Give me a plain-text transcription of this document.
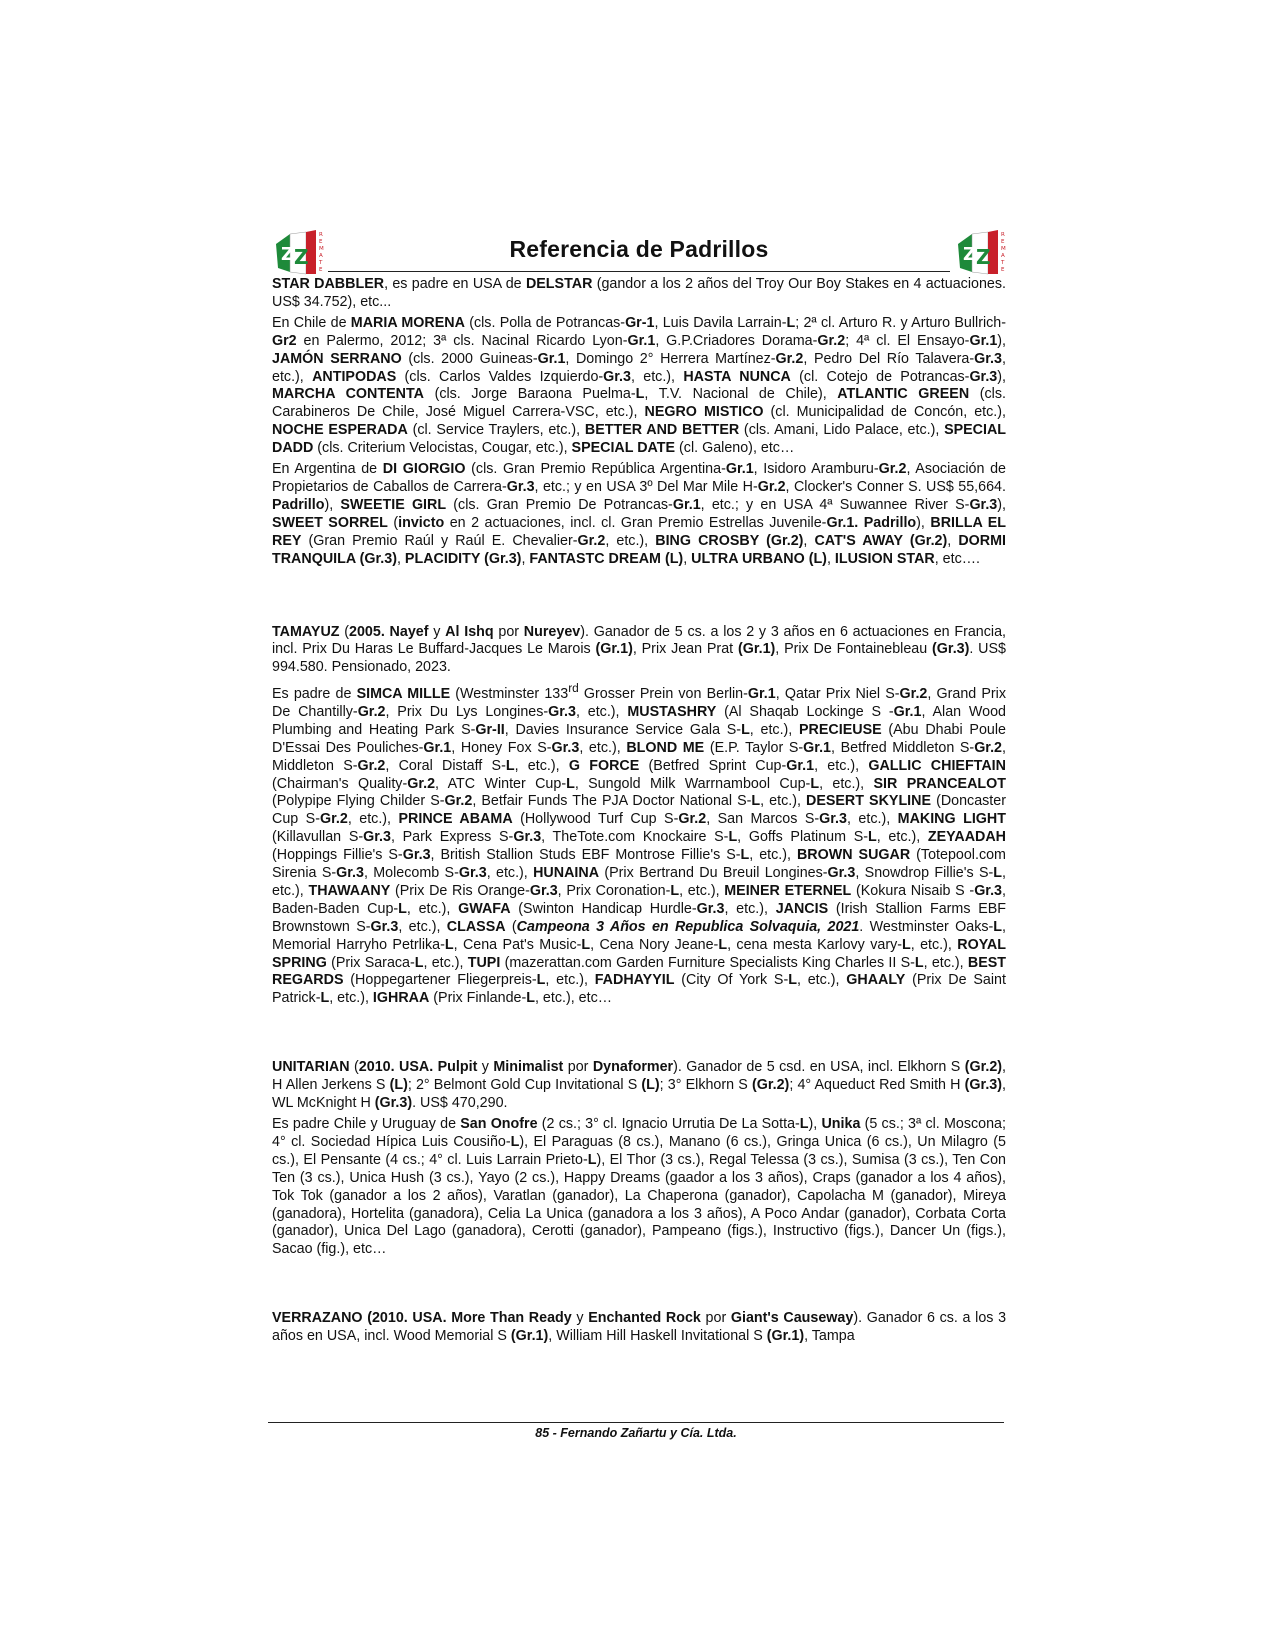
Z Z
R
E
M
A
T
E
Referencia de Padrillos	Z Z
R
E
M
A
T
E

STAR DABBLER, es padre en USA de DELSTAR (gandor a los 2 años del Troy Our Boy Stakes en 4 actuaciones. US$ 34.752), etc...

En Chile de MARIA MORENA (cls. Polla de Potrancas-Gr-1, Luis Davila Larrain-L; 2ª cl. Arturo R. y Arturo Bullrich-Gr2 en Palermo, 2012; 3ª cls. Nacinal Ricardo Lyon-Gr.1, G.P.Criadores Dorama-Gr.2; 4ª cl. El Ensayo-Gr.1), JAMÓN SERRANO (cls. 2000 Guineas-Gr.1, Domingo 2° Herrera Martínez-Gr.2, Pedro Del Río Talavera-Gr.3, etc.), ANTIPODAS (cls. Carlos Valdes Izquierdo-Gr.3, etc.), HASTA NUNCA (cl. Cotejo de Potrancas-Gr.3), MARCHA CONTENTA (cls. Jorge Baraona Puelma-L, T.V. Nacional de Chile), ATLANTIC GREEN (cls. Carabineros De Chile, José Miguel Carrera-VSC, etc.), NEGRO MISTICO (cl. Municipalidad de Concón, etc.), NOCHE ESPERADA (cl. Service Traylers, etc.), BETTER AND BETTER (cls. Amani, Lido Palace, etc.), SPECIAL DADD (cls. Criterium Velocistas, Cougar, etc.), SPECIAL DATE (cl. Galeno), etc…

En Argentina de DI GIORGIO (cls. Gran Premio República Argentina-Gr.1, Isidoro Aramburu-Gr.2, Asociación de Propietarios de Caballos de Carrera-Gr.3, etc.; y en USA 3º Del Mar Mile H-Gr.2, Clocker's Conner S. US$ 55,664. Padrillo), SWEETIE GIRL (cls. Gran Premio De Potrancas-Gr.1, etc.; y en USA 4ª Suwannee River S-Gr.3), SWEET SORREL (invicto en 2 actuaciones, incl. cl. Gran Premio Estrellas Juvenile-Gr.1. Padrillo), BRILLA EL REY (Gran Premio Raúl y Raúl E. Chevalier-Gr.2, etc.), BING CROSBY (Gr.2), CAT'S AWAY (Gr.2), DORMI TRANQUILA (Gr.3), PLACIDITY (Gr.3), FANTASTC DREAM (L), ULTRA URBANO (L), ILUSION STAR, etc….

TAMAYUZ (2005. Nayef y Al Ishq por Nureyev). Ganador de 5 cs. a los 2 y 3 años en 6 actuaciones en Francia, incl. Prix Du Haras Le Buffard-Jacques Le Marois (Gr.1), Prix Jean Prat (Gr.1), Prix De Fontainebleau (Gr.3). US$ 994.580. Pensionado, 2023.

Es padre de SIMCA MILLE (Westminster 133rd Grosser Prein von Berlin-Gr.1, Qatar Prix Niel S-Gr.2, Grand Prix De Chantilly-Gr.2, Prix Du Lys Longines-Gr.3, etc.), MUSTASHRY (Al Shaqab Lockinge S -Gr.1, Alan Wood Plumbing and Heating Park S-Gr-II, Davies Insurance Service Gala S-L, etc.), PRECIEUSE (Abu Dhabi Poule D'Essai Des Pouliches-Gr.1, Honey Fox S-Gr.3, etc.), BLOND ME (E.P. Taylor S-Gr.1, Betfred Middleton S-Gr.2, Middleton S-Gr.2, Coral Distaff S-L, etc.), G FORCE (Betfred Sprint Cup-Gr.1, etc.), GALLIC CHIEFTAIN (Chairman's Quality-Gr.2, ATC Winter Cup-L, Sungold Milk Warrnambool Cup-L, etc.), SIR PRANCEALOT (Polypipe Flying Childer S-Gr.2, Betfair Funds The PJA Doctor National S-L, etc.), DESERT SKYLINE (Doncaster Cup S-Gr.2, etc.), PRINCE ABAMA (Hollywood Turf Cup S-Gr.2, San Marcos S-Gr.3, etc.), MAKING LIGHT (Killavullan S-Gr.3, Park Express S-Gr.3, TheTote.com Knockaire S-L, Goffs Platinum S-L, etc.), ZEYAADAH (Hoppings Fillie's S-Gr.3, British Stallion Studs EBF Montrose Fillie's S-L, etc.), BROWN SUGAR (Totepool.com Sirenia S-Gr.3, Molecomb S-Gr.3, etc.), HUNAINA (Prix Bertrand Du Breuil Longines-Gr.3, Snowdrop Fillie's S-L, etc.), THAWAANY (Prix De Ris Orange-Gr.3, Prix Coronation-L, etc.), MEINER ETERNEL (Kokura Nisaib S -Gr.3, Baden-Baden Cup-L, etc.), GWAFA (Swinton Handicap Hurdle-Gr.3, etc.), JANCIS (Irish Stallion Farms EBF Brownstown S-Gr.3, etc.), CLASSA (Campeona 3 Años en Republica Solvaquia, 2021. Westminster Oaks-L, Memorial Harryho Petrlika-L, Cena Pat's Music-L, Cena Nory Jeane-L, cena mesta Karlovy vary-L, etc.), ROYAL SPRING (Prix Saraca-L, etc.), TUPI (mazerattan.com Garden Furniture Specialists King Charles II S-L, etc.), BEST REGARDS (Hoppegartener Fliegerpreis-L, etc.), FADHAYYIL (City Of York S-L, etc.), GHAALY (Prix De Saint Patrick-L, etc.), IGHRAA (Prix Finlande-L, etc.), etc…

UNITARIAN (2010. USA. Pulpit y Minimalist por Dynaformer). Ganador de 5 csd. en USA, incl. Elkhorn S (Gr.2), H Allen Jerkens S (L); 2° Belmont Gold Cup Invitational S (L); 3° Elkhorn S (Gr.2); 4° Aqueduct Red Smith H (Gr.3), WL McKnight H (Gr.3). US$ 470,290.

Es padre Chile y Uruguay de San Onofre (2 cs.; 3° cl. Ignacio Urrutia De La Sotta-L), Unika (5 cs.; 3ª cl. Moscona; 4° cl. Sociedad Hípica Luis Cousiño-L), El Paraguas (8 cs.), Manano (6 cs.), Gringa Unica (6 cs.), Un Milagro (5 cs.), El Pensante (4 cs.; 4° cl. Luis Larrain Prieto-L), El Thor (3 cs.), Regal Telessa (3 cs.), Sumisa (3 cs.), Ten Con Ten (3 cs.), Unica Hush (3 cs.), Yayo (2 cs.), Happy Dreams (gaador a los 3 años), Craps (ganador a los 4 años), Tok Tok (ganador a los 2 años), Varatlan (ganador), La Chaperona (ganador), Capolacha M (ganador), Mireya (ganadora), Hortelita (ganadora), Celia La Unica (ganadora a los 3 años), A Poco Andar (ganador), Corbata Corta (ganador), Unica Del Lago (ganadora), Cerotti (ganador), Pampeano (figs.), Instructivo (figs.), Dancer Un (figs.), Sacao (fig.), etc…

VERRAZANO (2010. USA. More Than Ready y Enchanted Rock por Giant's Causeway). Ganador 6 cs. a los 3 años en USA, incl. Wood Memorial S (Gr.1), William Hill Haskell Invitational S (Gr.1), Tampa

85 - Fernando Zañartu y Cía. Ltda.
